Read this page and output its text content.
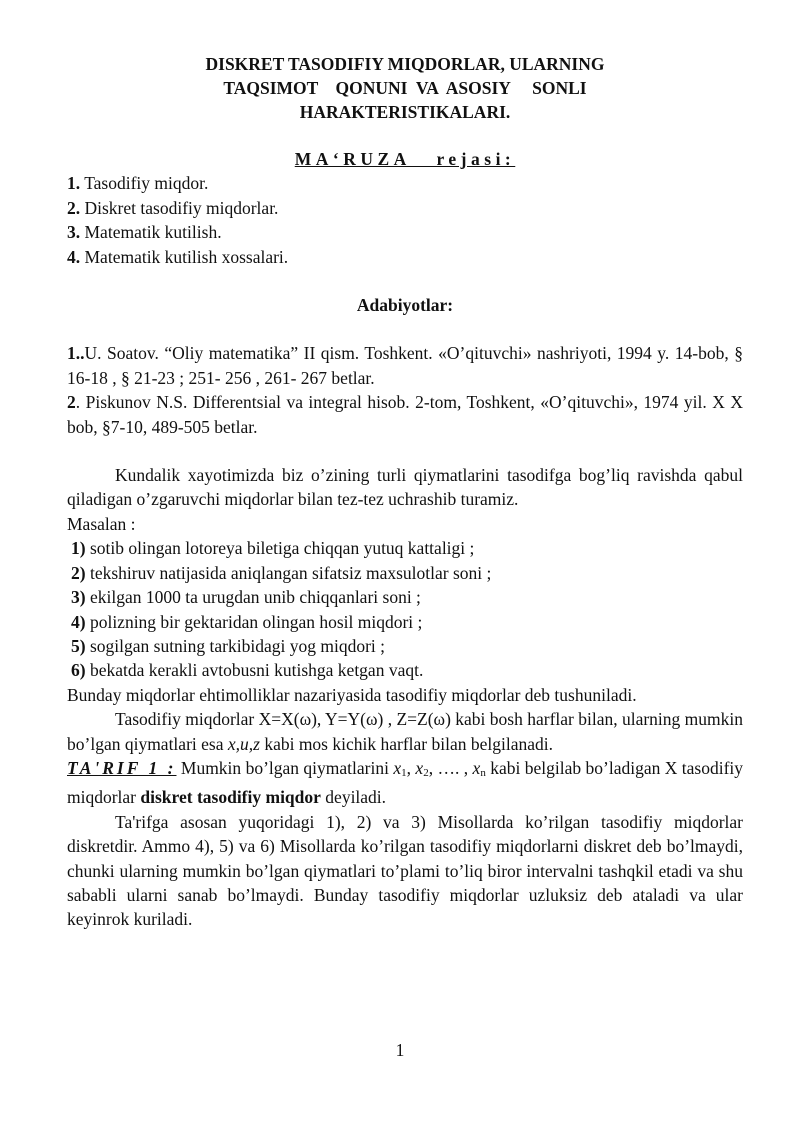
DISKRET TASODIFIY MIQDORLAR, ULARNING
TAQSIMOT    QONUNI  VA  ASOSIY     SONLI
HARAKTERISTIKALARI.
MA‘RUZA   rejasi:
1. Tasodifiy miqdor.
2. Diskret tasodifiy miqdorlar.
3. Matematik kutilish.
4. Matematik kutilish xossalari.
Adabiyotlar:

1..U. Soatov. “Oliy matematika” II qism. Toshkent. «O’qituvchi» nashriyoti, 1994 y. 14-bob, § 16-18 , § 21-23 ; 251- 256 , 261- 267 betlar.

2. Piskunov N.S. Differentsial va integral hisob. 2-tom, Toshkent, «O’qituvchi», 1974 yil. X X bob, §7-10, 489-505 betlar.

Kundalik xayotimizda biz o’zining turli qiymatlarini tasodifga bog’liq ravishda qabul qiladigan o’zgaruvchi miqdorlar bilan tez-tez uchrashib turamiz.

Masalan :

1) sotib olingan lotoreya biletiga chiqqan yutuq kattaligi ;

2) tekshiruv natijasida aniqlangan sifatsiz maxsulotlar soni ;

3) ekilgan 1000 ta urugdan unib chiqqanlari soni ;

4) polizning bir gektaridan olingan hosil miqdori ;

5) sogilgan sutning tarkibidagi yog miqdori ;

6) bekatda kerakli avtobusni kutishga ketgan vaqt.

Bunday miqdorlar ehtimolliklar nazariyasida tasodifiy miqdorlar deb tushuniladi.

Tasodifiy miqdorlar X=X(ω), Y=Y(ω) , Z=Z(ω) kabi bosh harflar bilan, ularning mumkin bo’lgan qiymatlari esa x,u,z kabi mos kichik harflar bilan belgilanadi.

TA'RIF 1 : Mumkin bo’lgan qiymatlarini $x_1$, $x_2$, …. , $x_n$ kabi belgilab bo’ladigan X tasodifiy miqdorlar diskret tasodifiy miqdor deyiladi.

Ta'rifga asosan yuqoridagi 1), 2) va 3) Misollarda ko’rilgan tasodifiy miqdorlar diskretdir. Ammo 4), 5) va 6) Misollarda ko’rilgan tasodifiy miqdorlarni diskret deb bo’lmaydi, chunki ularning mumkin bo’lgan qiymatlari to’plami to’liq biror intervalni tashqkil etadi va shu sababli ularni sanab bo’lmaydi. Bunday tasodifiy miqdorlar uzluksiz deb ataladi va ular keyinrok kuriladi.

1
